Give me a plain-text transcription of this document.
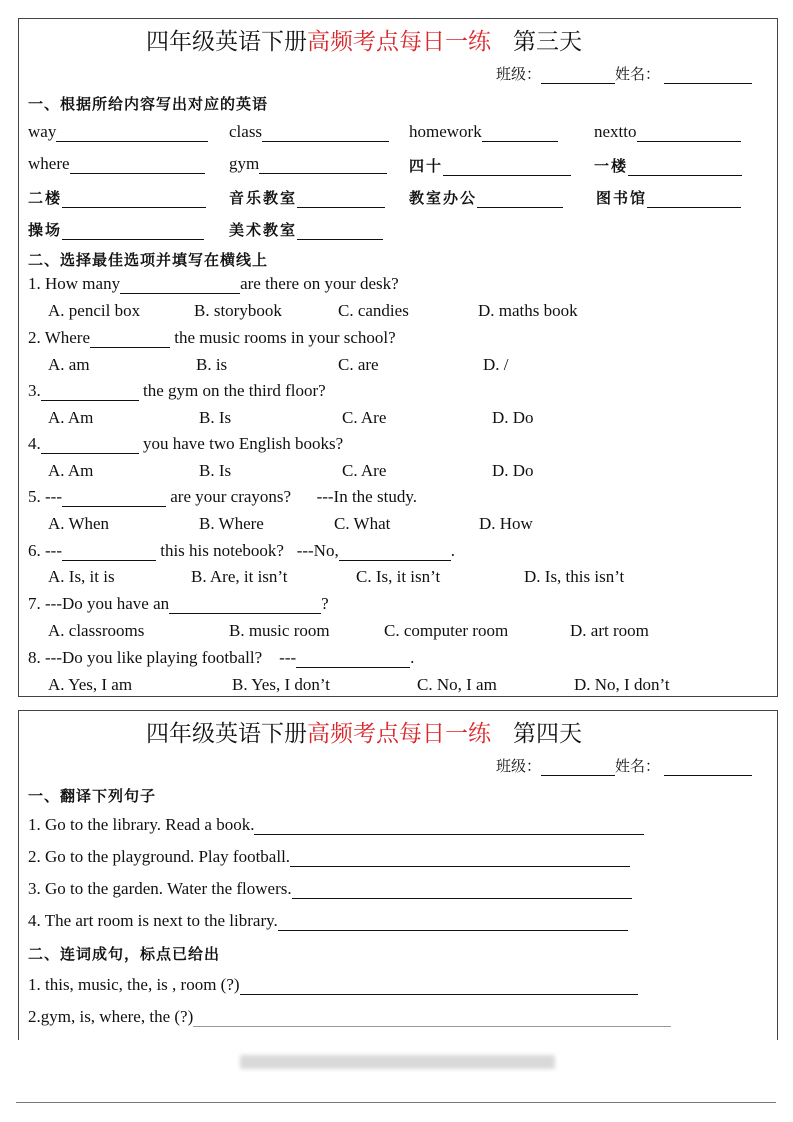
四年级英语下册高频考点每日一练 第三天
班级：	姓名：
一、根据所给内容写出对应的英语
way	class	homework	nextto
where	gym	四十	一楼
二楼	音乐教室	教室办公	图书馆
操场	美术教室
二、选择最佳选项并填写在横线上
1. How many	are there on your desk?
A. pencil box	B. storybook	C. candies	D. maths book
2. Where	the music rooms in your school?
A. am	B. is	C. are	D. /
3.	the gym on the third floor?
A. Am	B. Is	C. Are	D. Do
4.	you have two English books?
A. Am	B. Is	C. Are	D. Do
5. ---	are your crayons? ---In the study.
A. When	B. Where	C. What	D. How
6. ---	this his notebook? ---No,	.
A. Is, it is	B. Are, it isn’t	C. Is, it isn’t	D. Is, this isn’t
7. ---Do you have an	?
A. classrooms	B. music room	C. computer room	D. art room
8. ---Do you like playing football? ---	.
A. Yes, I am	B. Yes, I don’t	C. No, I am	D. No, I don’t
四年级英语下册高频考点每日一练 第四天
班级：	姓名：
一、翻译下列句子
1. Go to the library. Read a book.
2. Go to the playground. Play football.
3. Go to the garden. Water the flowers.
4. The art room is next to the library.
二、连词成句，标点已给出
1. this, music, the, is , room (?)
2.gym, is, where, the (?)
